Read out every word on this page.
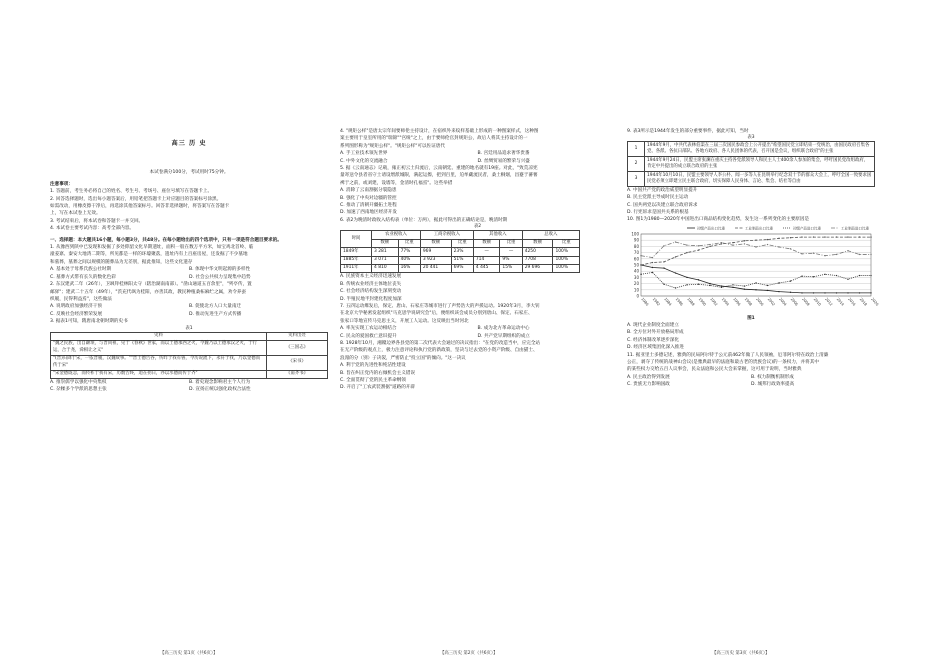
高三 历 史
本试卷满分100分，考试用时75分钟。
注意事项：
1. 答题前，考生务必将自己的姓名、考生号、考场号、座位号填写在答题卡上。
2. 回答选择题时，选出每小题答案后，用铅笔把答题卡上对应题目的答案标号涂黑。
如需改动，用橡皮擦干净后，再选涂其他答案标号。回答非选择题时，将答案写在答题卡
上，写在本试卷上无效。
3. 考试结束后，将本试卷和答题卡一并交回。
4. 本试卷主要考试内容：高考全部内容。
一、选择题：本大题共16小题，每小题3分，共48分。在每小题给出的四个选项中，只有一项是符合题目要求的。
1. 从豫西到陕中已发现和发掘了多处仰韶文化早期遗址，面积一般在数万平方米，如宝鸡北首岭、临
潼姜寨、秦安大地湾二期等，所见都是一样的环壕聚落，遗址内有上百座房屋，还发掘了不少墓地
和墓葬，墓葬之间以规模的随葬品为无差别，据此推知，这些文化遗存
A. 基本处于母系氏族公社时期	B. 体现中华文明起源的多样性
C. 墓葬方式带有长久的数化色彩	D. 社会公共权力呈现集中趋势
2. 东汉建武二年（26年），卫飒拜桂林阳太守（辖治湖南南部）。"凿山通道五百余里"，"列亭传，置
邮驿"；建武二十五年（49年），"茨充代飒为桂阳，亦善其政，教民种植桑柘麻纻之属，劝令养蚕
织履，民得利益焉"，这些做法
A. 说明政府加强经济干预	B. 促使北方人口大量南迁
C. 反映社会经济繁荣发展	D. 推动先进生产方式传播
3. 据表1可知，隋唐南北朝时期的史书
表1
史料	史料出处
"魏之民族，出自颛顼，与晋同祖，见于《春秋》世家，而以土德承西之火，今魏乃以土德承汉之火，于行运，合于尧，舜相让之义"	《三国志》
"(晋)归降于宋，一依晋履，汉魏故事。""晋士德告谷，传昨于我有鲁，今历说流下，永符于我，乃以金德而传于宋"	《宋书》
"宋金德既忽，而传祚于我有宋，历数告终，迨在拐日，亦以水德而传于齐"	《南齐书》
A. 推崇儒学以强化中央集权	B. 着史观念影响君主个人行为
C. 杂糅多个学派的思想主张	D. 宣扬正统以强化政权合法性
【高三历史 第1页（共6页）】
4. "规矩公样"是唐太宗年间要师伦主持设计，在宿织外来纹样基础上形成的一种图案样式，这种图
案主要用于皇室所用的"瑞锦""宫绫"之上，由于要师伦官封规矩公，故后人将其主持设计的一
系列图形称为"规矩公样"。"规矩公样"可以佐证唐代
A. 手工业技术领先世界	B. 宫廷用品追求奢华贵番
C. 中外文化的交流融合	D. 丝绸贸易的繁荣与兴盛
5. 据《云南通志》记载，雍正初云土归流后，云南朝廷、重建的地名就有19座。对此，"致荒凉宪
量寄送令县者省守土请设增派城限，满起运擦，把到百里，迫牟藏流民者，桑土桐烟，昌蹇于蕃薯
裨于之前，或刘建，设墙等，金清时孔福焉"。这些举措
A. 消除了云南割据分裂隐患
B. 强化了中央对边疆的管控
C. 推动了清朝开疆拓土进程
D. 加速了西南地区经济开发
6. 表2为晚清时政收入结构表（单位：万两），据此可得出的正确结论是，晚清时期
表2
时间	农业税收入		工商杂税收入		其他收入		总收入	
	数额	比重	数额	比重	数额	比重	数额	比重
1849年	3 281	77%	969	23%	—	—	4250	100%
1885年	3 071	40%	3 923	51%	714	9%	7708	100%
1911年	4 810	16%	20 441	69%	4 445	15%	29 696	100%
A. 民族资本主义经济迅速发展
B. 传统农业经济主体地位丧失
C. 社会经济结构发生深刻变动
D. 半殖民地半封建化程度加深
7. 五四运动爆发后，保定、唐山、石家庄等城市进行了声势浩大的声援运动。1920年3月，李大钊
在北京大学秘密发起组织"马克思学说研究会"后，便组织该会成员分别到唐山、保定、石家庄、
张家口等地宣传马克思主义，开展工人运动。这反映出当时河北
A. 率先实现工农运动相结合	B. 成为北方革命运动中心
C. 民众的爱国救亡意识提升	D. 共产党早期组织的成立
8. 1928年10月，湘赣边界各县党的第二次代表大会通过的决议指出："在党的改造当中，应完全站
在无产阶级的观点上，极力注意评论和执行党的新政策，坚决与过去党的小资产阶级、自由猫士、
浪漫的分（别）子决裂，严密防止"投立国"的倾向。"这一决议
A. 利于党的先进性和纯洁性建设
B. 旨在纠正党内的右倾机会主义错误
C. 全面贯彻了党的民主革命纲领
D. 开启了"工农武装割据"道路的开辟
【高三历史 第2页（共6页）】
9. 表3所示是1944年发生的部分重要事件，据此可知，当时
表3
1	1944年9月，中共代表林伯渠在三届三次国民参政会上公开提出"希望国民党立即结束一党统治，由国民政府召集各党、各派、各抗日部队、各地方政府、各人民团体的代表，召开国是会议，组织联合政府"的主张
2	1944年9月24日，民盟主席张澜在重庆主持各党派领导人和民主人士400余人参加的集会，呼吁国民党改组政府，肯定中共提出的成立联合政府的主张
3	1944年10月10日，民盟主要领导人李公朴、闻一多等人在昆明举行纪念双十节的群众大会上，呼吁全国一致要求国民党必须立即建立民主联合政府，切实保障人民身体、言论、集会、结社等自由
A. 中国共产党的政治威望明显提升
B. 民主党派主导成时民主运动
C. 国共两党以决建立联合政府诉求
D. 行宪诉求是国共关系的根基
10. 图1为1980—2020年中国进出口商品结构变化趋势，发生这一系列变化的主要原因是
100
90
80
70
60
50
40
30
20
10
0
1980 1982 1984 1986 1988 1990 1992 1994 1996 1998 2000 2002 2004 2006 2008 2010 2012 2014 2016 2018 2020
初级产品出口比重	工业制品出口比重	初级产品进口比重	工业制品进口比重
图1
A. 现代企业制度全面建立
B. 全方位对外开放格局形成
C. 经济体制改革逐步深化
D. 经济区域集团化深入推进
11. 据亚里士多德记述，雅典的民局阿尔特于公元前462年做了人民领袖，厄菲阿尔特在政治上清廉
公正，剥夺了传统的战神山会议(是雅典最早的法庭和最古老的贵族会议)的一条权力，并将其中
的某些权力交给五百人议事会，民众法庭和公民大会来掌握，这可用于说明，当时雅典
A. 民主政治得到发展	B. 权力制衡机制形成
C. 贵族无力影响国政	D. 城邦行政效率提高
【高三历史 第3页（共6页）】
